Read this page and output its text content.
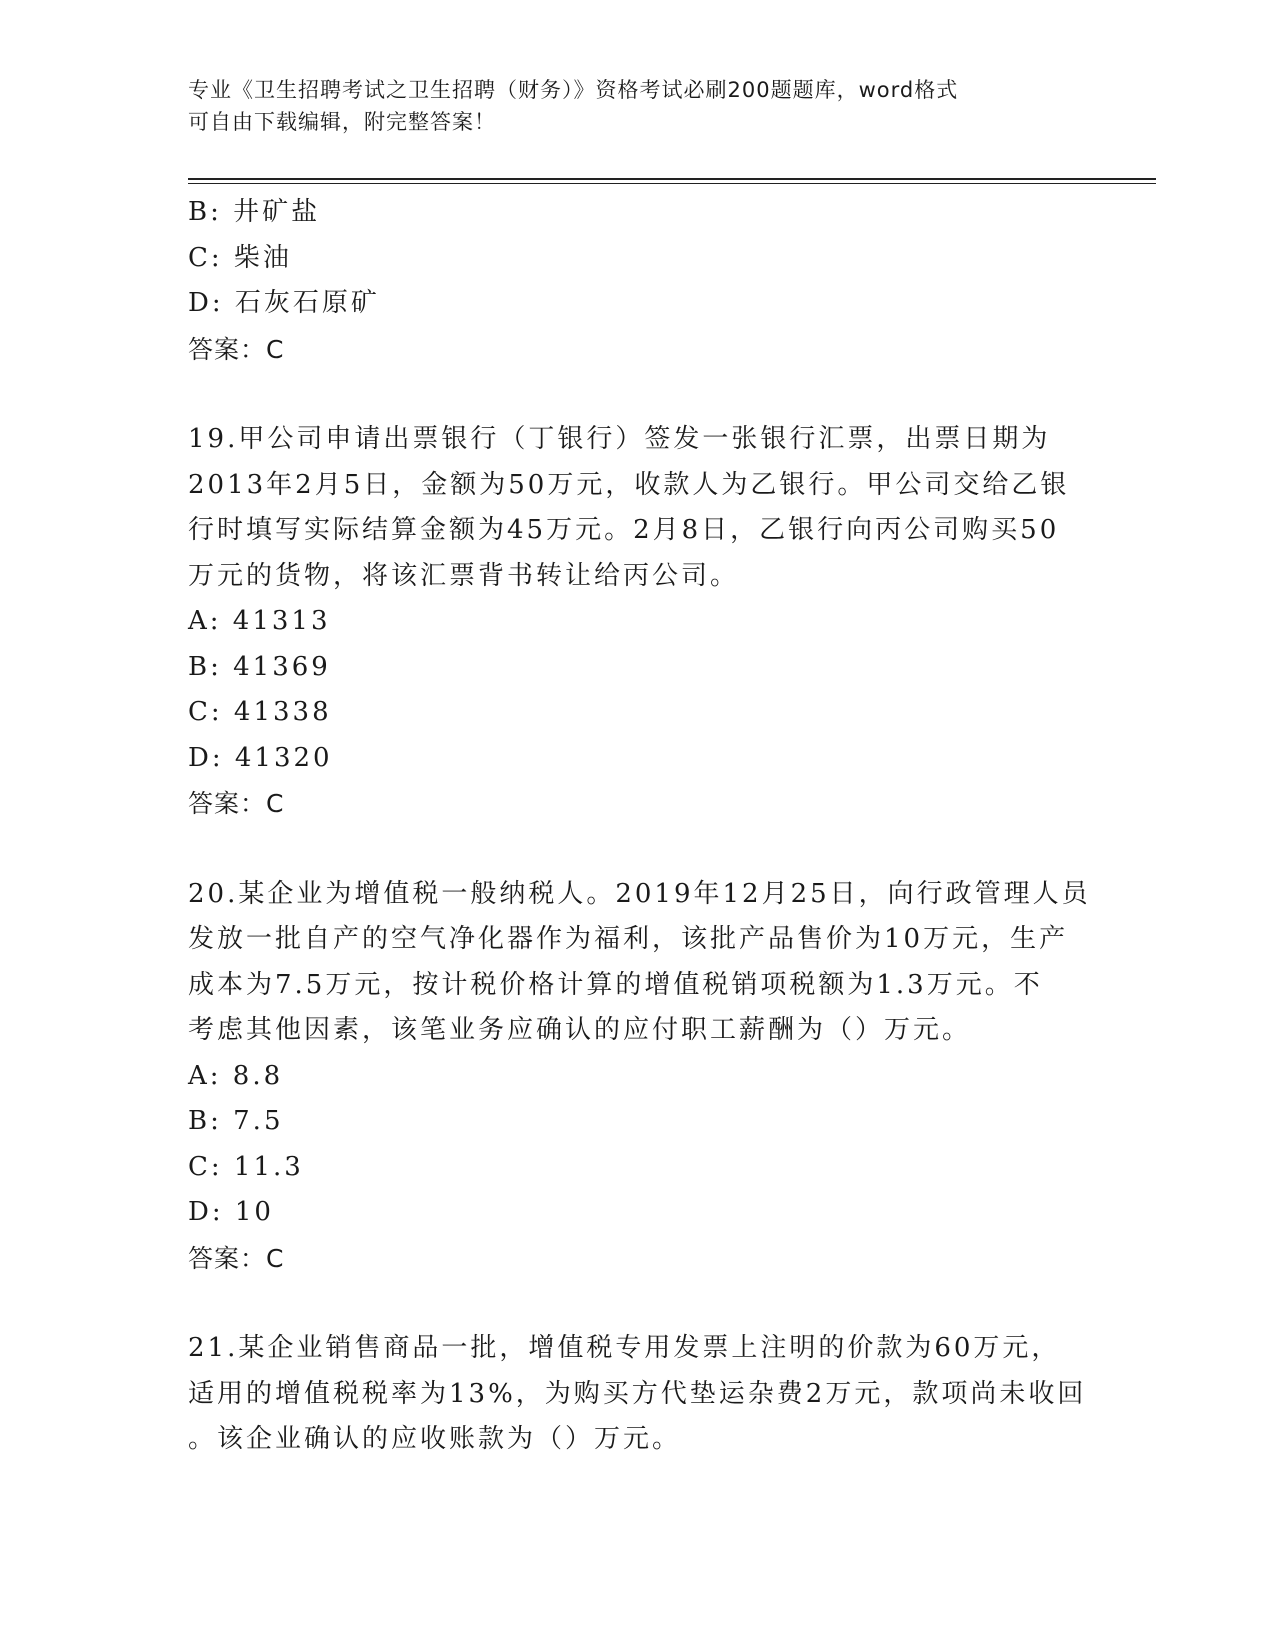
专业《卫生招聘考试之卫生招聘（财务）》资格考试必刷200题题库，word格式
可自由下载编辑，附完整答案！
B: 井矿盐
C: 柴油
D: 石灰石原矿
答案：C
19.甲公司申请出票银行（丁银行）签发一张银行汇票，出票日期为
2013年2月5日，金额为50万元，收款人为乙银行。甲公司交给乙银
行时填写实际结算金额为45万元。2月8日，乙银行向丙公司购买50
万元的货物，将该汇票背书转让给丙公司。
A: 41313
B: 41369
C: 41338
D: 41320
答案：C
20.某企业为增值税一般纳税人。2019年12月25日，向行政管理人员
发放一批自产的空气净化器作为福利，该批产品售价为10万元，生产
成本为7.5万元，按计税价格计算的增值税销项税额为1.3万元。不
考虑其他因素，该笔业务应确认的应付职工薪酬为（）万元。
A: 8.8
B: 7.5
C: 11.3
D: 10
答案：C
21.某企业销售商品一批，增值税专用发票上注明的价款为60万元，
适用的增值税税率为13%，为购买方代垫运杂费2万元，款项尚未收回
。该企业确认的应收账款为（）万元。
